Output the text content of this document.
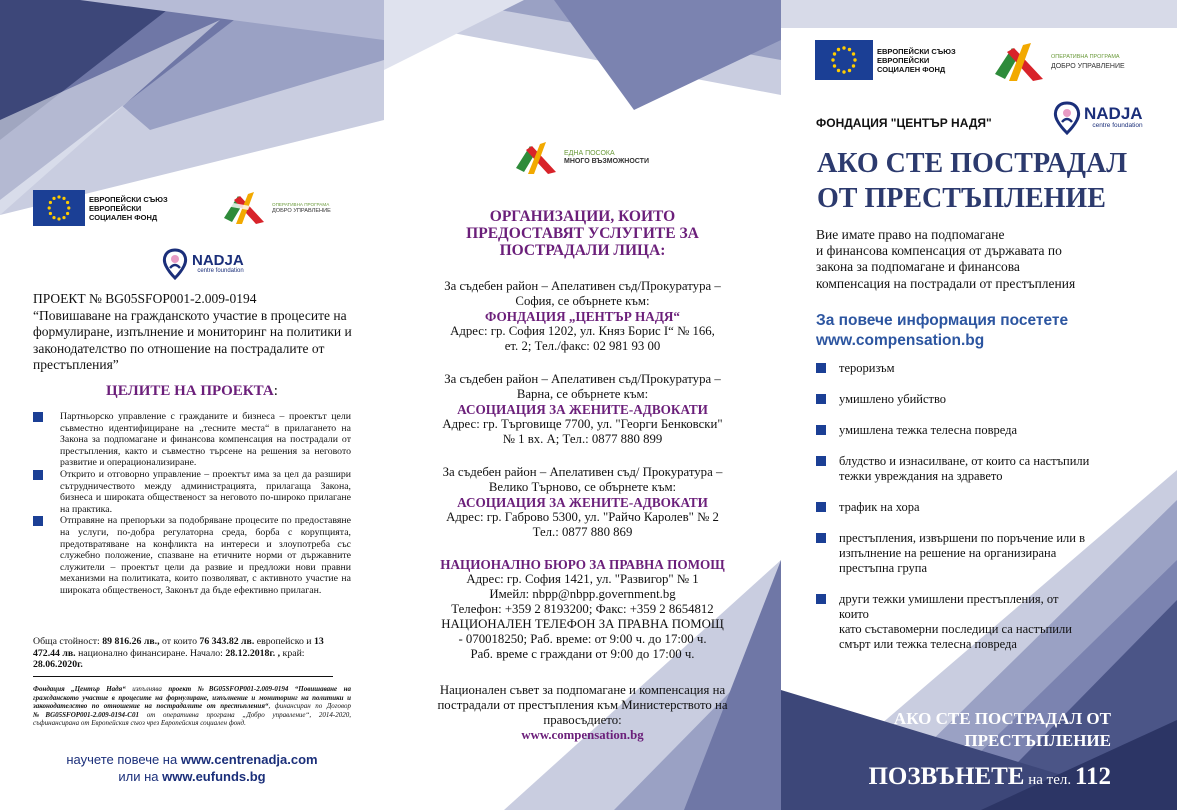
ЕВРОПЕЙСКИ СЪЮЗ
ЕВРОПЕЙСКИ
СОЦИАЛЕН ФОНД
ОПЕРАТИВНА ПРОГРАМА
ДОБРО УПРАВЛЕНИЕ
NADJA
centre foundation
ПРОЕКТ № BG05SFOP001-2.009-0194
“Повишаване на гражданското участие в процесите на формулиране, изпълнение и мониторинг на политики и законодателство по отношение на пострадалите от престъпления”
ЦЕЛИТЕ НА ПРОЕКТА:
Партньорско управление с гражданите и бизнеса – проектът цели съвместно идентифициране на „тесните места“ в прилагането на Закона за подпомагане и финансова компенсация на пострадали от престъпления, както и съвместно търсене на решения за неговото развитие и операционализиране.
Открито и отговорно управление – проектът има за цел да разшири сътрудничеството между администрацията, прилагаща Закона, бизнеса и широката общественост за неговото по-широко прилагане на практика.
Отправяне на препоръки за подобряване процесите по предоставяне на услуги, по-добра регулаторна среда, борба с корупцията, предотвратяване на конфликта на интереси и злоупотреба със служебно положение, спазване на етичните норми от държавните служители – проектът цели да развие и предложи нови правни механизми на политиката, които позволяват, с активното участие на широката общественост, Законът да бъде ефективно прилаган.
Обща стойност: 89 816.26 лв., от които 76 343.82 лв. европейско и 13 472.44 лв. национално финансиране. Начало: 28.12.2018г. , край: 28.06.2020г.
Фондация „Център Надя“ изпълнява проект №BG05SFOP001-2.009-0194 “Повишаване на гражданското участие в процесите на формулиране, изпълнение и мониторинг на политики и законодателство по отношение на пострадалите от престъпления“, финансиран по Договор №BG05SFOP001-2.009-0194-C01 от оперативна програма „Добро управление“, 2014-2020, съфинансирана от Европейския съюз чрез Европейския социален фонд.
научете повече на www.centrenadja.com
или на www.eufunds.bg
ЕДНА ПОСОКА
МНОГО ВЪЗМОЖНОСТИ
ОРГАНИЗАЦИИ, КОИТО
ПРЕДОСТАВЯТ УСЛУГИТЕ ЗА
ПОСТРАДАЛИ ЛИЦА:
За съдебен район – Апелативен съд/Прокуратура –
София, се обърнете към:
ФОНДАЦИЯ „ЦЕНТЪР НАДЯ“
Адрес: гр. София 1202, ул. Княз Борис I“ № 166,
ет. 2; Тел./факс: 02 981 93 00
За съдебен район – Апелативен съд/Прокуратура –
Варна, се обърнете към:
АСОЦИАЦИЯ ЗА ЖЕНИТЕ-АДВОКАТИ
Адрес: гр. Търговище 7700, ул. "Георги Бенковски"
№ 1 вх. А; Тел.: 0877 880 899
За съдебен район – Апелативен съд/ Прокуратура –
Велико Търново, се обърнете към:
АСОЦИАЦИЯ ЗА ЖЕНИТЕ-АДВОКАТИ
Адрес: гр. Габрово 5300, ул. "Райчо Каролев" № 2
Тел.: 0877 880 869
НАЦИОНАЛНО БЮРО ЗА ПРАВНА ПОМОЩ
Адрес: гр. София 1421, ул. "Развигор" № 1
Имейл: nbpp@nbpp.government.bg
Телефон: +359 2 8193200; Факс: +359 2 8654812
НАЦИОНАЛЕН ТЕЛЕФОН ЗА ПРАВНА ПОМОЩ
- 070018250; Раб. време: от 9:00 ч. до 17:00 ч.
Раб. време с граждани от 9:00 до 17:00 ч.
Национален съвет за подпомагане и компенсация на
пострадали от престъпления към Министерството на
правосъдието:
www.compensation.bg
ЕВРОПЕЙСКИ СЪЮЗ
ЕВРОПЕЙСКИ
СОЦИАЛЕН ФОНД
ОПЕРАТИВНА ПРОГРАМА
ДОБРО УПРАВЛЕНИЕ
ФОНДАЦИЯ "ЦЕНТЪР НАДЯ"	NADJA
centre foundation
АКО СТЕ ПОСТРАДАЛ
ОТ ПРЕСТЪПЛЕНИЕ
Вие имате право на подпомагане
и финансова компенсация от държавата по
закона за подпомагане и финансова
компенсация на пострадали от престъпления
За повече информация посетете
www.compensation.bg
тероризъм
умишлено убийство
умишлена тежка телесна повреда
блудство и изнасилване, от които са настъпили
тежки увреждания на здравето
трафик на хора
престъпления, извършени по поръчение или в
изпълнение на решение на организирана
престъпна група
други тежки умишлени престъпления, от
които
като съставомерни последици са настъпили
смърт или тежка телесна повреда
АКО СТЕ ПОСТРАДАЛ ОТ
ПРЕСТЪПЛЕНИЕ
ПОЗВЪНЕТЕ на тел. 112
